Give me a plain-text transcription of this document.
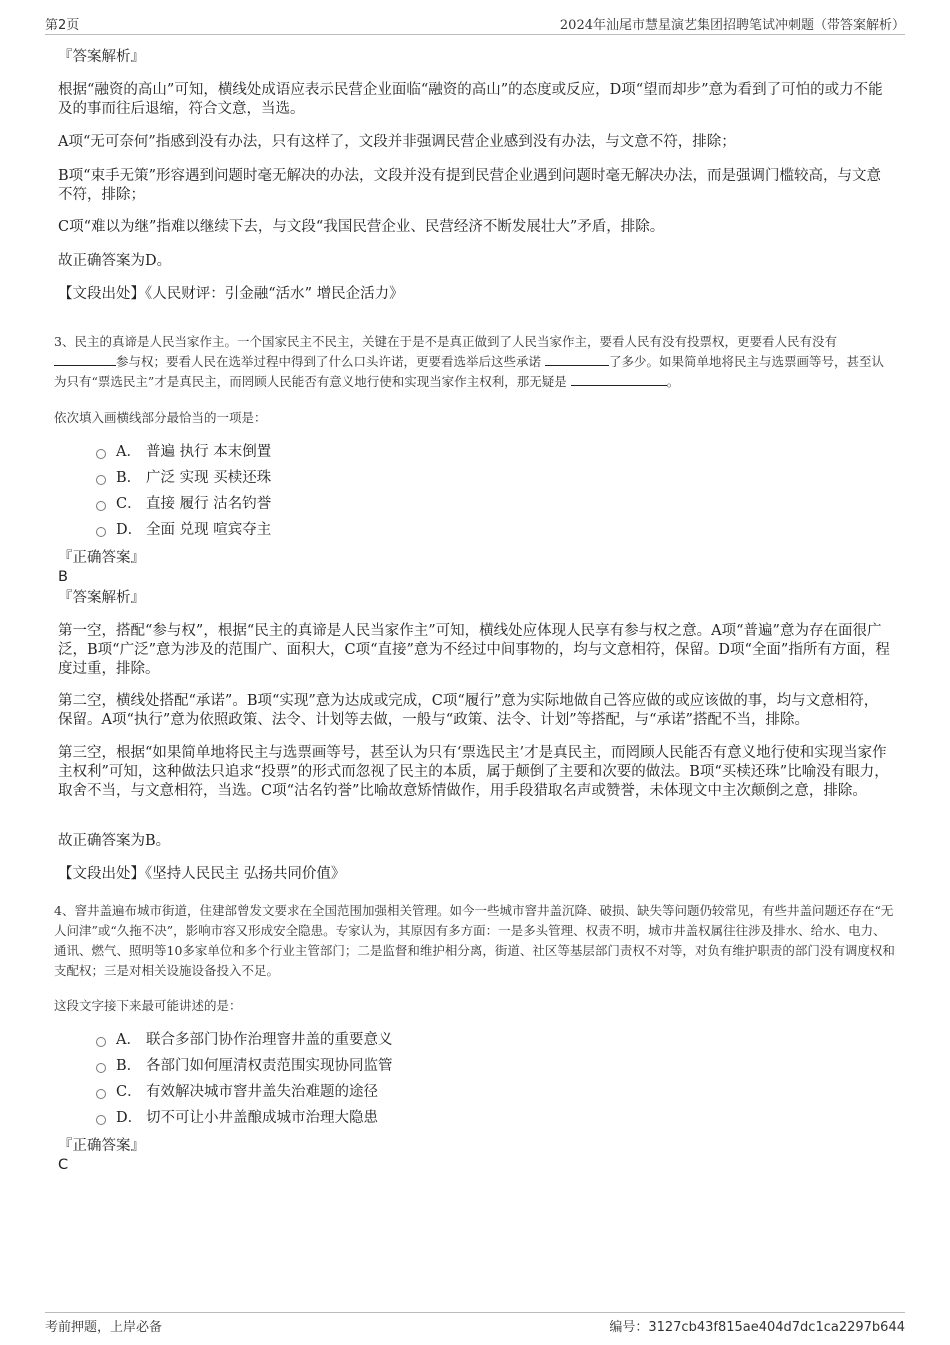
第2页	2024年汕尾市慧星演艺集团招聘笔试冲刺题（带答案解析）
『答案解析』
根据“融资的高山”可知，横线处成语应表示民营企业面临“融资的高山”的态度或反应，D项“望而却步”意为看到了可怕的或力不能及的事而往后退缩，符合文意，当选。
A项“无可奈何”指感到没有办法，只有这样了，文段并非强调民营企业感到没有办法，与文意不符，排除；
B项“束手无策”形容遇到问题时毫无解决的办法，文段并没有提到民营企业遇到问题时毫无解决办法，而是强调门槛较高，与文意不符，排除；
C项“难以为继”指难以继续下去，与文段“我国民营企业、民营经济不断发展壮大”矛盾，排除。
故正确答案为D。
【文段出处】《人民财评：引金融“活水” 增民企活力》
3、民主的真谛是人民当家作主。一个国家民主不民主，关键在于是不是真正做到了人民当家作主，要看人民有没有投票权，更要看人民有没有参与权；要看人民在选举过程中得到了什么口头许诺，更要看选举后这些承诺	了多少。如果简单地将民主与选票画等号，甚至认为只有“票选民主”才是真民主，而罔顾人民能否有意义地行使和实现当家作主权利，那无疑是	。
依次填入画横线部分最恰当的一项是：
A． 普遍 执行 本末倒置
B． 广泛 实现 买椟还珠
C． 直接 履行 沽名钓誉
D． 全面 兑现 喧宾夺主
『正确答案』
B
『答案解析』
第一空，搭配“参与权”，根据“民主的真谛是人民当家作主”可知，横线处应体现人民享有参与权之意。A项“普遍”意为存在面很广泛，B项“广泛”意为涉及的范围广、面积大，C项“直接”意为不经过中间事物的，均与文意相符，保留。D项“全面”指所有方面，程度过重，排除。
第二空，横线处搭配“承诺”。B项“实现”意为达成或完成，C项“履行”意为实际地做自己答应做的或应该做的事，均与文意相符，保留。A项“执行”意为依照政策、法令、计划等去做，一般与“政策、法令、计划”等搭配，与“承诺”搭配不当，排除。
第三空，根据“如果简单地将民主与选票画等号，甚至认为只有‘票选民主’才是真民主，而罔顾人民能否有意义地行使和实现当家作主权利”可知，这种做法只追求“投票”的形式而忽视了民主的本质，属于颠倒了主要和次要的做法。B项“买椟还珠”比喻没有眼力，取舍不当，与文意相符，当选。C项“沽名钓誉”比喻故意矫情做作，用手段猎取名声或赞誉，未体现文中主次颠倒之意，排除。
故正确答案为B。
【文段出处】《坚持人民民主 弘扬共同价值》
4、窨井盖遍布城市街道，住建部曾发文要求在全国范围加强相关管理。如今一些城市窨井盖沉降、破损、缺失等问题仍较常见，有些井盖问题还存在“无人问津”或“久拖不决”，影响市容又形成安全隐患。专家认为，其原因有多方面：一是多头管理、权责不明，城市井盖权属往往涉及排水、给水、电力、通讯、燃气、照明等10多家单位和多个行业主管部门；二是监督和维护相分离，街道、社区等基层部门责权不对等，对负有维护职责的部门没有调度权和支配权；三是对相关设施设备投入不足。
这段文字接下来最可能讲述的是：
A． 联合多部门协作治理窨井盖的重要意义
B． 各部门如何厘清权责范围实现协同监管
C． 有效解决城市窨井盖失治难题的途径
D． 切不可让小井盖酿成城市治理大隐患
『正确答案』
C
考前押题，上岸必备	编号：3127cb43f815ae404d7dc1ca2297b644
